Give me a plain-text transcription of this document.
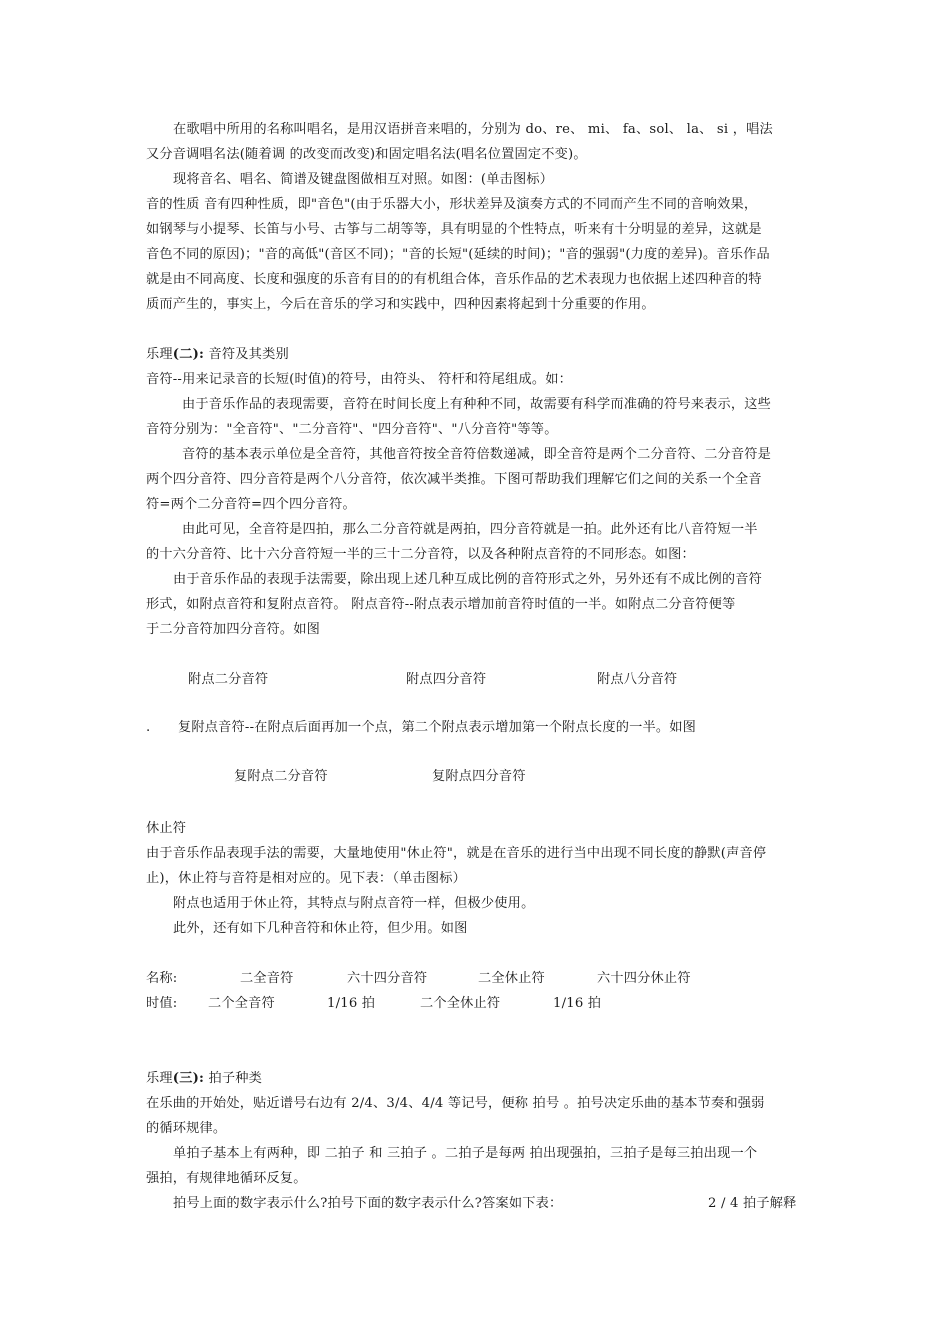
在歌唱中所用的名称叫唱名，是用汉语拼音来唱的，分别为 do、re、 mi、 fa、sol、 la、 si ，唱法
又分音调唱名法(随着调 的改变而改变)和固定唱名法(唱名位置固定不变)。
现将音名、唱名、简谱及键盘图做相互对照。如图：(单击图标）
音的性质 音有四种性质，即"音色"(由于乐器大小，形状差异及演奏方式的不同而产生不同的音响效果，
如钢琴与小提琴、长笛与小号、古筝与二胡等等，具有明显的个性特点，听来有十分明显的差异，这就是
音色不同的原因)；"音的高低"(音区不同)；"音的长短"(延续的时间)；"音的强弱"(力度的差异)。音乐作品
就是由不同高度、长度和强度的乐音有目的的有机组合体，音乐作品的艺术表现力也依据上述四种音的特
质而产生的，事实上，今后在音乐的学习和实践中，四种因素将起到十分重要的作用。
乐理(二): 音符及其类别
音符--用来记录音的长短(时值)的符号，由符头、 符杆和符尾组成。如：
由于音乐作品的表现需要，音符在时间长度上有种种不同，故需要有科学而准确的符号来表示，这些
音符分别为："全音符"、"二分音符"、"四分音符"、"八分音符"等等。
音符的基本表示单位是全音符，其他音符按全音符倍数递减，即全音符是两个二分音符、二分音符是
两个四分音符、四分音符是两个八分音符，依次减半类推。下图可帮助我们理解它们之间的关系一个全音
符=两个二分音符=四个四分音符。
由此可见，全音符是四拍，那么二分音符就是两拍，四分音符就是一拍。此外还有比八音符短一半
的十六分音符、比十六分音符短一半的三十二分音符，以及各种附点音符的不同形态。如图：
由于音乐作品的表现手法需要，除出现上述几种互成比例的音符形式之外，另外还有不成比例的音符
形式，如附点音符和复附点音符。 附点音符--附点表示增加前音符时值的一半。如附点二分音符便等
于二分音符加四分音符。如图
附点二分音符	附点四分音符	附点八分音符
. 复附点音符--在附点后面再加一个点，第二个附点表示增加第一个附点长度的一半。如图
复附点二分音符	复附点四分音符
休止符
由于音乐作品表现手法的需要，大量地使用"休止符"，就是在音乐的进行当中出现不同长度的静默(声音停
止)，休止符与音符是相对应的。见下表：（单击图标）
附点也适用于休止符，其特点与附点音符一样，但极少使用。
此外，还有如下几种音符和休止符，但少用。如图
名称:	二全音符	六十四分音符	二全休止符	六十四分休止符
时值: 二个全音符	1/16 拍	二个全休止符	1/16 拍
乐理(三): 拍子种类
在乐曲的开始处，贴近谱号右边有 2/4、3/4、4/4 等记号，便称 拍号 。拍号决定乐曲的基本节奏和强弱
的循环规律。
单拍子基本上有两种，即 二拍子 和 三拍子 。二拍子是每两 拍出现强拍，三拍子是每三拍出现一个
强拍，有规律地循环反复。
拍号上面的数字表示什么?拍号下面的数字表示什么?答案如下表：	2 / 4 拍子解释
